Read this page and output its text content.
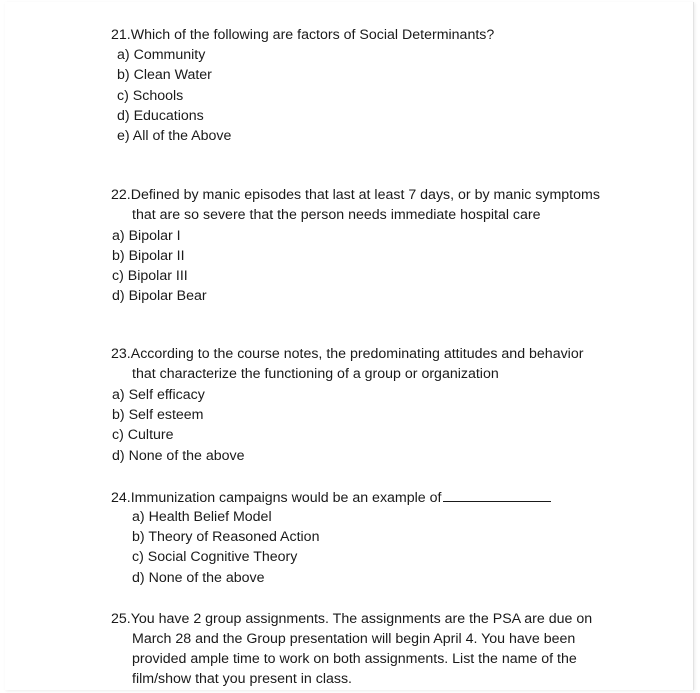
21.Which of the following are factors of Social Determinants?
a) Community
b) Clean Water
c) Schools
d) Educations
e) All of the Above
22.Defined by manic episodes that last at least 7 days, or by manic symptoms
that are so severe that the person needs immediate hospital care
a) Bipolar I
b) Bipolar II
c) Bipolar III
d) Bipolar Bear
23.According to the course notes, the predominating attitudes and behavior
that characterize the functioning of a group or organization
a) Self efficacy
b) Self esteem
c) Culture
d) None of the above
24.Immunization campaigns would be an example of
a) Health Belief Model
b) Theory of Reasoned Action
c) Social Cognitive Theory
d) None of the above
25.You have 2 group assignments. The assignments are the PSA are due on
March 28 and the Group presentation will begin April 4. You have been
provided ample time to work on both assignments. List the name of the
film/show that you present in class.
